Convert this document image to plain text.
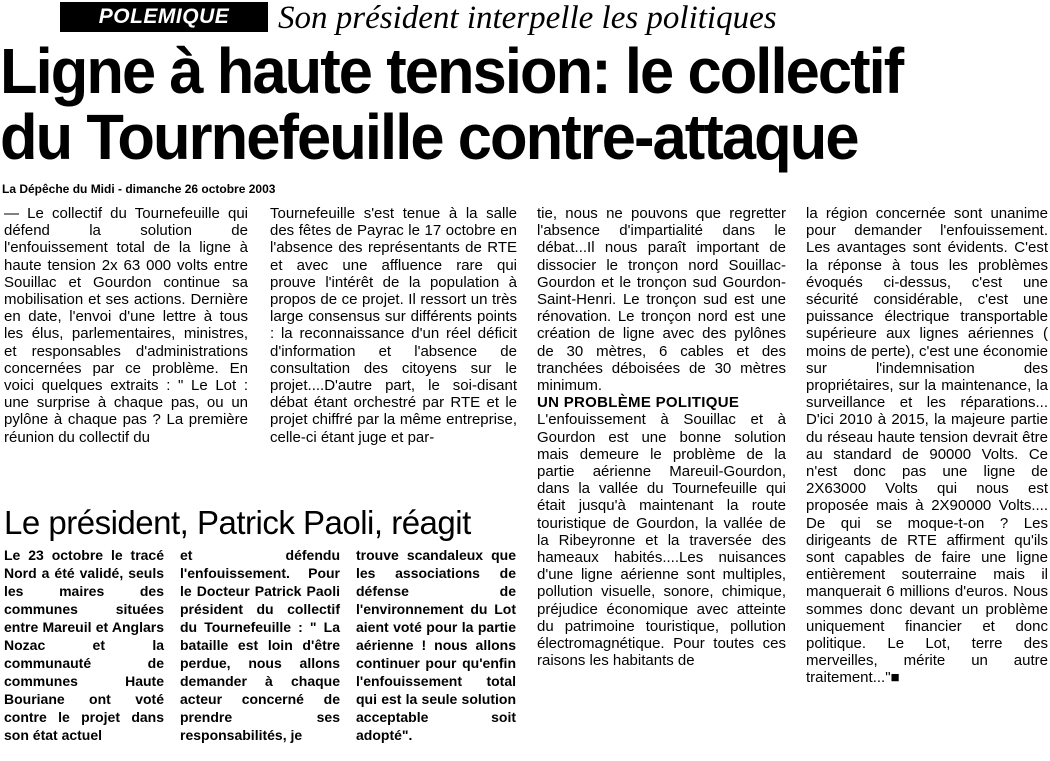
POLEMIQUE	Son président interpelle les politiques
Ligne à haute tension: le collectif
du Tournefeuille contre-attaque
La Dépêche du Midi - dimanche 26 octobre 2003

— Le collectif du Tournefeuille qui défend la solution de l'enfouissement total de la ligne à haute tension 2x 63 000 volts entre Souillac et Gourdon continue sa mobilisation et ses actions. Dernière en date, l'envoi d'une lettre à tous les élus, parlementaires, ministres, et responsables d'administrations concernées par ce problème. En voici quelques extraits : " Le Lot : une surprise à chaque pas, ou un pylône à chaque pas ? La première réunion du collectif du

Tournefeuille s'est tenue à la salle des fêtes de Payrac le 17 octobre en l'absence des représentants de RTE et avec une affluence rare qui prouve l'intérêt de la population à propos de ce projet. Il ressort un très large consensus sur différents points : la reconnaissance d'un réel déficit d'information et l'absence de consultation des citoyens sur le projet....D'autre part, le soi-disant débat étant orchestré par RTE et le projet chiffré par la même entreprise, celle-ci étant juge et par-

tie, nous ne pouvons que regretter l'absence d'impartialité dans le débat...Il nous paraît important de dissocier le tronçon nord Souillac-Gourdon et le tronçon sud Gourdon-Saint-Henri. Le tronçon sud est une rénovation. Le tronçon nord est une création de ligne avec des pylônes de 30 mètres, 6 cables et des tranchées déboisées de 30 mètres minimum.

UN PROBLÈME POLITIQUE

L'enfouissement à Souillac et à Gourdon est une bonne solution mais demeure le problème de la partie aérienne Mareuil-Gourdon, dans la vallée du Tournefeuille qui était jusqu'à maintenant la route touristique de Gourdon, la vallée de la Ribeyronne et la traversée des hameaux habités....Les nuisances d'une ligne aérienne sont multiples, pollution visuelle, sonore, chimique, préjudice économique avec atteinte du patrimoine touristique, pollution électromagnétique. Pour toutes ces raisons les habitants de

la région concernée sont unanime pour demander l'enfouissement. Les avantages sont évidents. C'est la réponse à tous les problèmes évoqués ci-dessus, c'est une sécurité considérable, c'est une puissance électrique transportable supérieure aux lignes aériennes ( moins de perte), c'est une économie sur l'indemnisation des propriétaires, sur la maintenance, la surveillance et les réparations... D'ici 2010 à 2015, la majeure partie du réseau haute tension devrait être au standard de 90000 Volts. Ce n'est donc pas une ligne de 2X63000 Volts qui nous est proposée mais à 2X90000 Volts.... De qui se moque-t-on ? Les dirigeants de RTE affirment qu'ils sont capables de faire une ligne entièrement souterraine mais il manquerait 6 millions d'euros. Nous sommes donc devant un problème uniquement financier et donc politique. Le Lot, terre des merveilles, mérite un autre traitement..."■

Le président, Patrick Paoli, réagit
Le 23 octobre le tracé Nord a été validé, seuls les maires des communes situées entre Mareuil et Anglars Nozac et la communauté de communes Haute Bouriane ont voté contre le projet dans son état actuel
et défendu l'enfouissement. Pour le Docteur Patrick Paoli président du collectif du Tournefeuille : " La bataille est loin d'être perdue, nous allons demander à chaque acteur concerné de prendre ses responsabilités, je
trouve scandaleux que les associations de défense de l'environnement du Lot aient voté pour la partie aérienne ! nous allons continuer pour qu'enfin l'enfouissement total qui est la seule solution acceptable soit adopté".
